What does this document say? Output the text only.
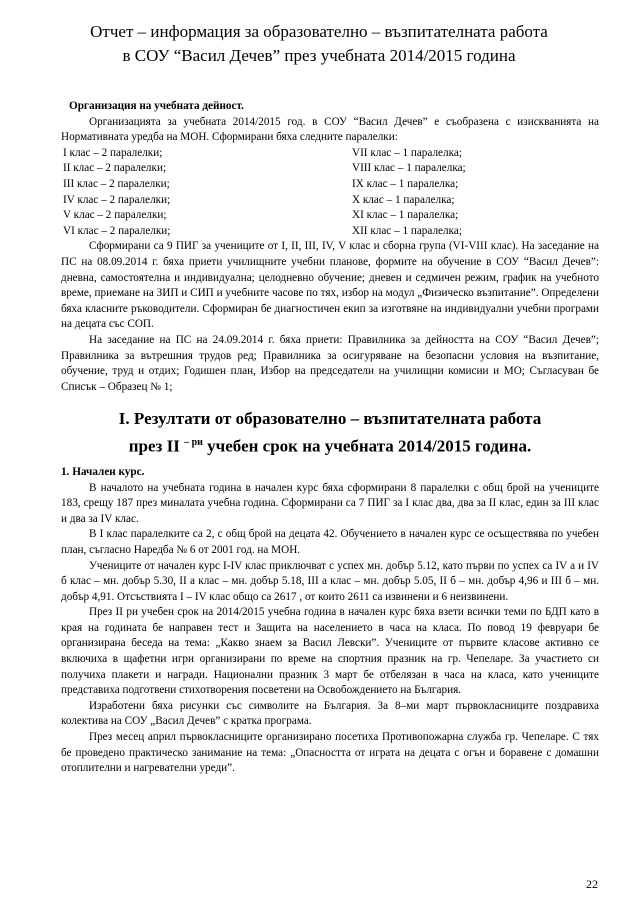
Отчет – информация за образователно – възпитателната работа
в СОУ “Васил Дечев” през учебната 2014/2015 година

Организация на учебната дейност.

Организацията за учебната 2014/2015 год. в СОУ “Васил Дечев” е съобразена с изискванията на Нормативната уредба на МОН. Сформирани бяха следните паралелки:

I клас – 2 паралелки;	VII клас – 1 паралелка;
II клас – 2 паралелки;	VIII клас – 1 паралелка;
III клас – 2 паралелки;	IX клас – 1 паралелка;
IV клас – 2 паралелки;	X клас – 1 паралелка;
V клас – 2 паралелки;	XI клас – 1 паралелка;
VI клас – 2 паралелки;	XII клас – 1 паралелка;

Сформирани са 9 ПИГ за учениците от I, II, III, IV, V клас и сборна група (VI-VIII клас). На заседание на ПС на 08.09.2014 г. бяха приети училищните учебни планове, формите на обучение в СОУ “Васил Дечев”: дневна, самостоятелна и индивидуална; целодневно обучение; дневен и седмичен режим, график на учебното време, приемане на ЗИП и СИП и учебните часове по тях, избор на модул „Физическо възпитание”. Определени бяха класните ръководители. Сформиран бе диагностичен екип за изготвяне на индивидуални учебни програми на децата със СОП.

На заседание на ПС на 24.09.2014 г. бяха приети: Правилника за дейността на СОУ “Васил Дечев”; Правилника за вътрешния трудов ред; Правилника за осигуряване на безопасни условия на възпитание, обучение, труд и отдих; Годишен план, Избор на председатели на училищни комисии и МО; Съгласуван бе Списък – Образец № 1;

I. Резултати от образователно – възпитателната работа
през II $^{- ри}$ учебен срок на учебната 2014/2015 година.

1. Начален курс.

В началото на учебната година в начален курс бяха сформирани 8 паралелки с общ брой на учениците 183, срещу 187 през миналата учебна година. Сформирани са 7 ПИГ за I клас два, два за II клас, един за III клас и два за IV клас.

В I клас паралелките са 2, с общ брой на децата 42. Обучението в начален курс се осъществява по учебен план, съгласно Наредба № 6 от 2001 год. на МОН.

Учениците от начален курс I-IV клас приключват с успех мн. добър 5.12, като първи по успех са IV а и IV б клас – мн. добър 5.30, II а клас – мн. добър 5.18, III а клас – мн. добър 5.05, II б – мн. добър 4,96 и III б – мн. добър 4,91. Отсъствията I – IV клас общо са 2617 , от които 2611 са извинени и 6 неизвинени.

През II ри учебен срок на 2014/2015 учебна година в начален курс бяха взети всички теми по БДП като в края на годината бе направен тест и Защита на населението в часа на класа. По повод 19 февруари бе организирана беседа на тема: „Какво знаем за Васил Левски”. Учениците от първите класове активно се включиха в щафетни игри организирани по време на спортния празник на гр. Чепеларе. За участието си получиха плакети и награди. Национални празник 3 март бе отбелязан в часа на класа, като учениците представиха подготвени стихотворения посветени на Освобождението на България.

Изработени бяха рисунки със символите на България. За 8–ми март първокласниците поздравиха колектива на СОУ „Васил Дечев” с кратка програма.

През месец април първокласниците организирано посетиха Противопожарна служба гр. Чепеларе. С тях бе проведено практическо занимание на тема: „Опасността от играта на децата с огън и боравене с домашни отоплителни и нагревателни уреди”.

22
